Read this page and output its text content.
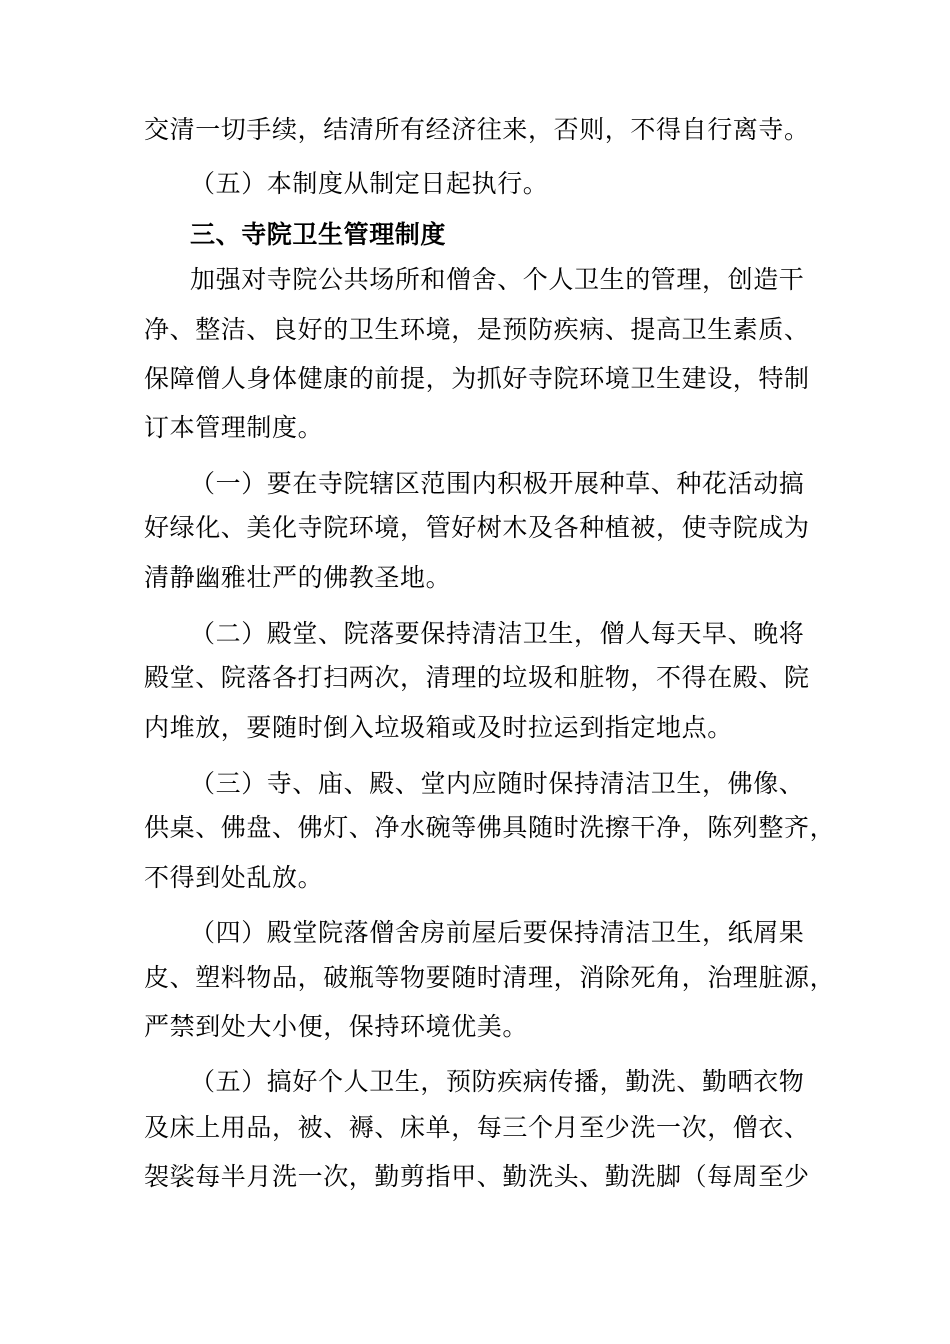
交清一切手续，结清所有经济往来，否则，不得自行离寺。
（五）本制度从制定日起执行。
三、寺院卫生管理制度
加强对寺院公共场所和僧舍、个人卫生的管理，创造干
净、整洁、良好的卫生环境，是预防疾病、提高卫生素质、
保障僧人身体健康的前提，为抓好寺院环境卫生建设，特制
订本管理制度。
（一）要在寺院辖区范围内积极开展种草、种花活动搞
好绿化、美化寺院环境，管好树木及各种植被，使寺院成为
清静幽雅壮严的佛教圣地。
（二）殿堂、院落要保持清洁卫生，僧人每天早、晚将
殿堂、院落各打扫两次，清理的垃圾和脏物，不得在殿、院
内堆放，要随时倒入垃圾箱或及时拉运到指定地点。
（三）寺、庙、殿、堂内应随时保持清洁卫生，佛像、
供桌、佛盘、佛灯、净水碗等佛具随时洗擦干净，陈列整齐，
不得到处乱放。
（四）殿堂院落僧舍房前屋后要保持清洁卫生，纸屑果
皮、塑料物品，破瓶等物要随时清理，消除死角，治理脏源，
严禁到处大小便，保持环境优美。
（五）搞好个人卫生，预防疾病传播，勤洗、勤晒衣物
及床上用品，被、褥、床单，每三个月至少洗一次，僧衣、
袈裟每半月洗一次，勤剪指甲、勤洗头、勤洗脚（每周至少
